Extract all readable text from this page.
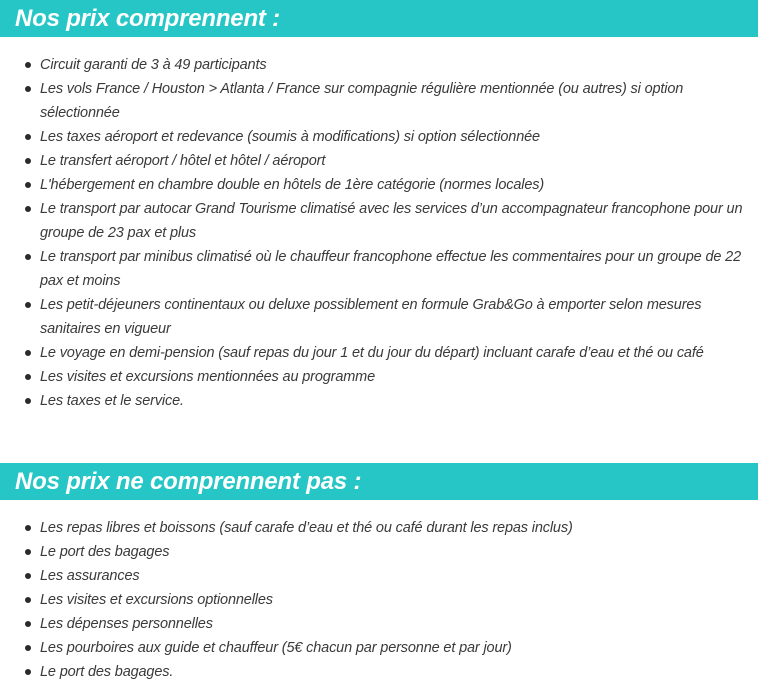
Nos prix comprennent :
Circuit garanti de 3 à 49 participants
Les vols France / Houston > Atlanta / France sur compagnie régulière mentionnée (ou autres) si option sélectionnée
Les taxes aéroport et redevance (soumis à modifications) si option sélectionnée
Le transfert aéroport / hôtel et hôtel / aéroport
L'hébergement en chambre double en hôtels de 1ère catégorie (normes locales)
Le transport par autocar Grand Tourisme climatisé avec les services d’un accompagnateur francophone pour un groupe de 23 pax et plus
Le transport par minibus climatisé où le chauffeur francophone effectue les commentaires pour un groupe de 22 pax et moins
Les petit-déjeuners continentaux ou deluxe possiblement en formule Grab&Go à emporter selon mesures sanitaires en vigueur
Le voyage en demi-pension (sauf repas du jour 1 et du jour du départ) incluant carafe d’eau et thé ou café
Les visites et excursions mentionnées au programme
Les taxes et le service.
Nos prix ne comprennent pas :
Les repas libres et boissons (sauf carafe d’eau et thé ou café durant les repas inclus)
Le port des bagages
Les assurances
Les visites et excursions optionnelles
Les dépenses personnelles
Les pourboires aux guide et chauffeur (5€ chacun par personne et par jour)
Le port des bagages.
